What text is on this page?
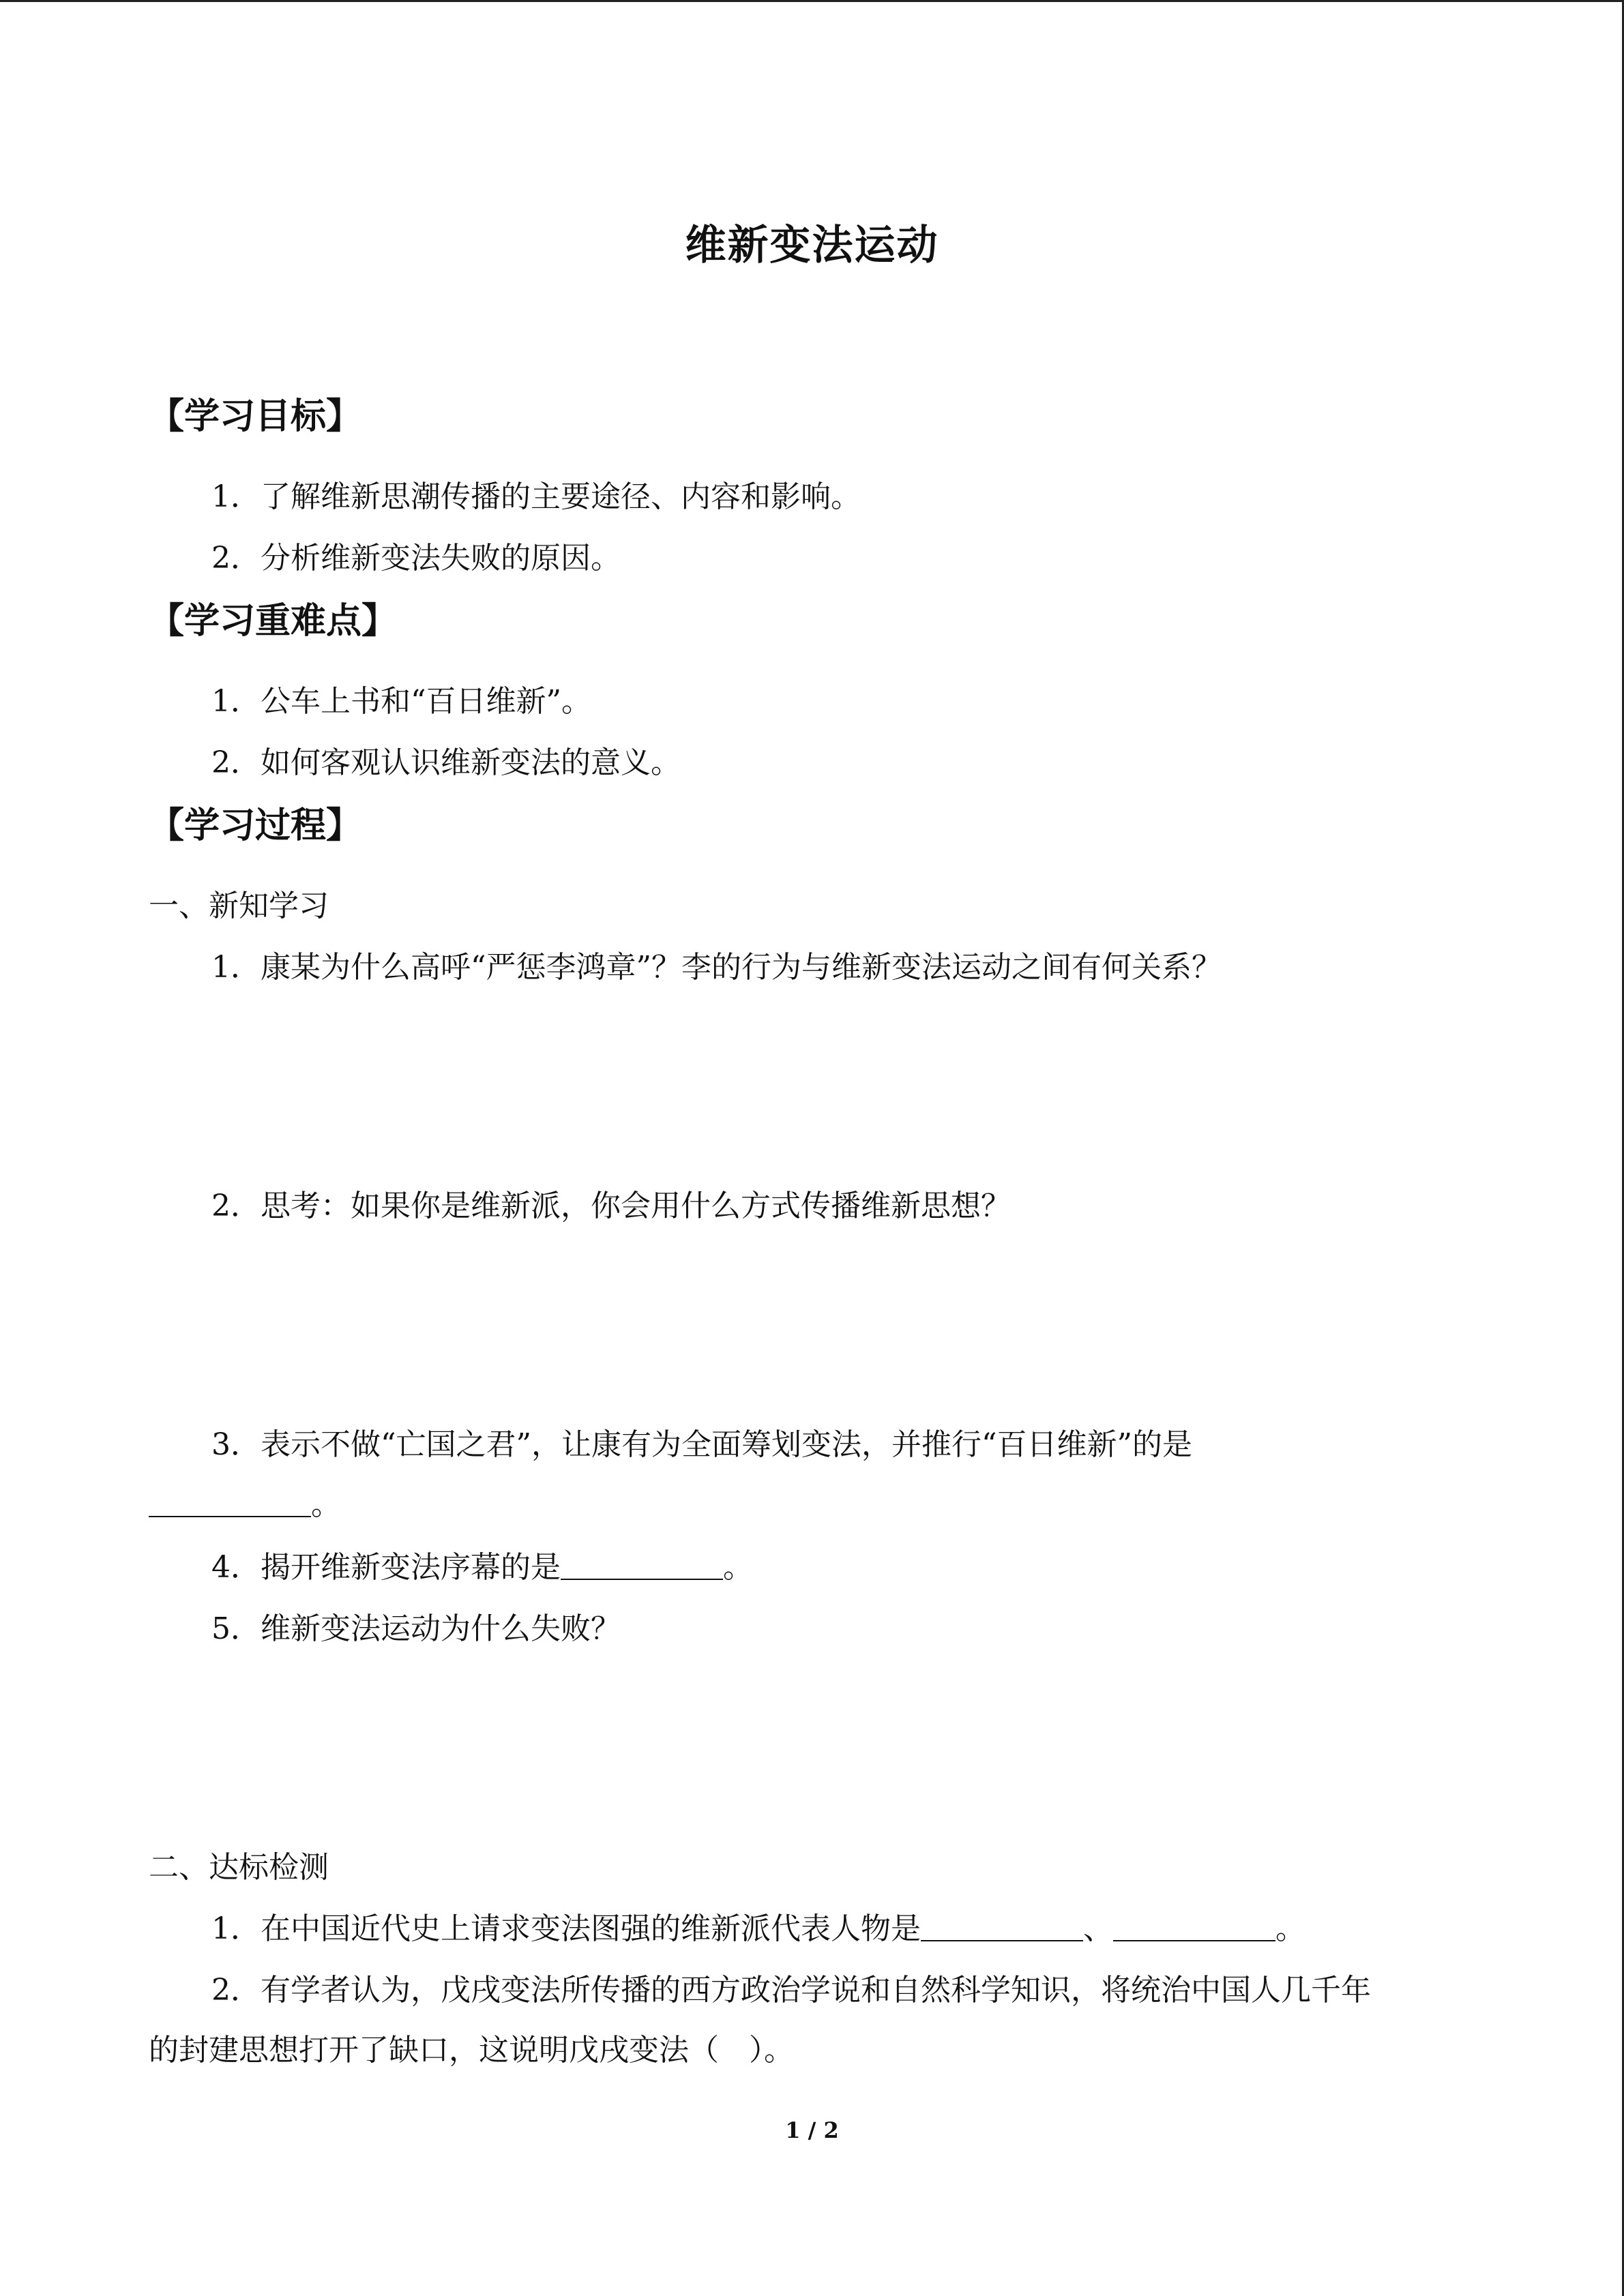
维新变法运动
【学习目标】
1．了解维新思潮传播的主要途径、内容和影响。
2．分析维新变法失败的原因。
【学习重难点】
1．公车上书和“百日维新”。
2．如何客观认识维新变法的意义。
【学习过程】
一、新知学习
1．康某为什么高呼“严惩李鸿章”？李的行为与维新变法运动之间有何关系？
2．思考：如果你是维新派，你会用什么方式传播维新思想？
3．表示不做“亡国之君”，让康有为全面筹划变法，并推行“百日维新”的是
。
4．揭开维新变法序幕的是	。
5．维新变法运动为什么失败？
二、达标检测
1．在中国近代史上请求变法图强的维新派代表人物是	、	。
2．有学者认为，戊戌变法所传播的西方政治学说和自然科学知识，将统治中国人几千年
的封建思想打开了缺口，这说明戊戌变法（　）。
1 / 2
